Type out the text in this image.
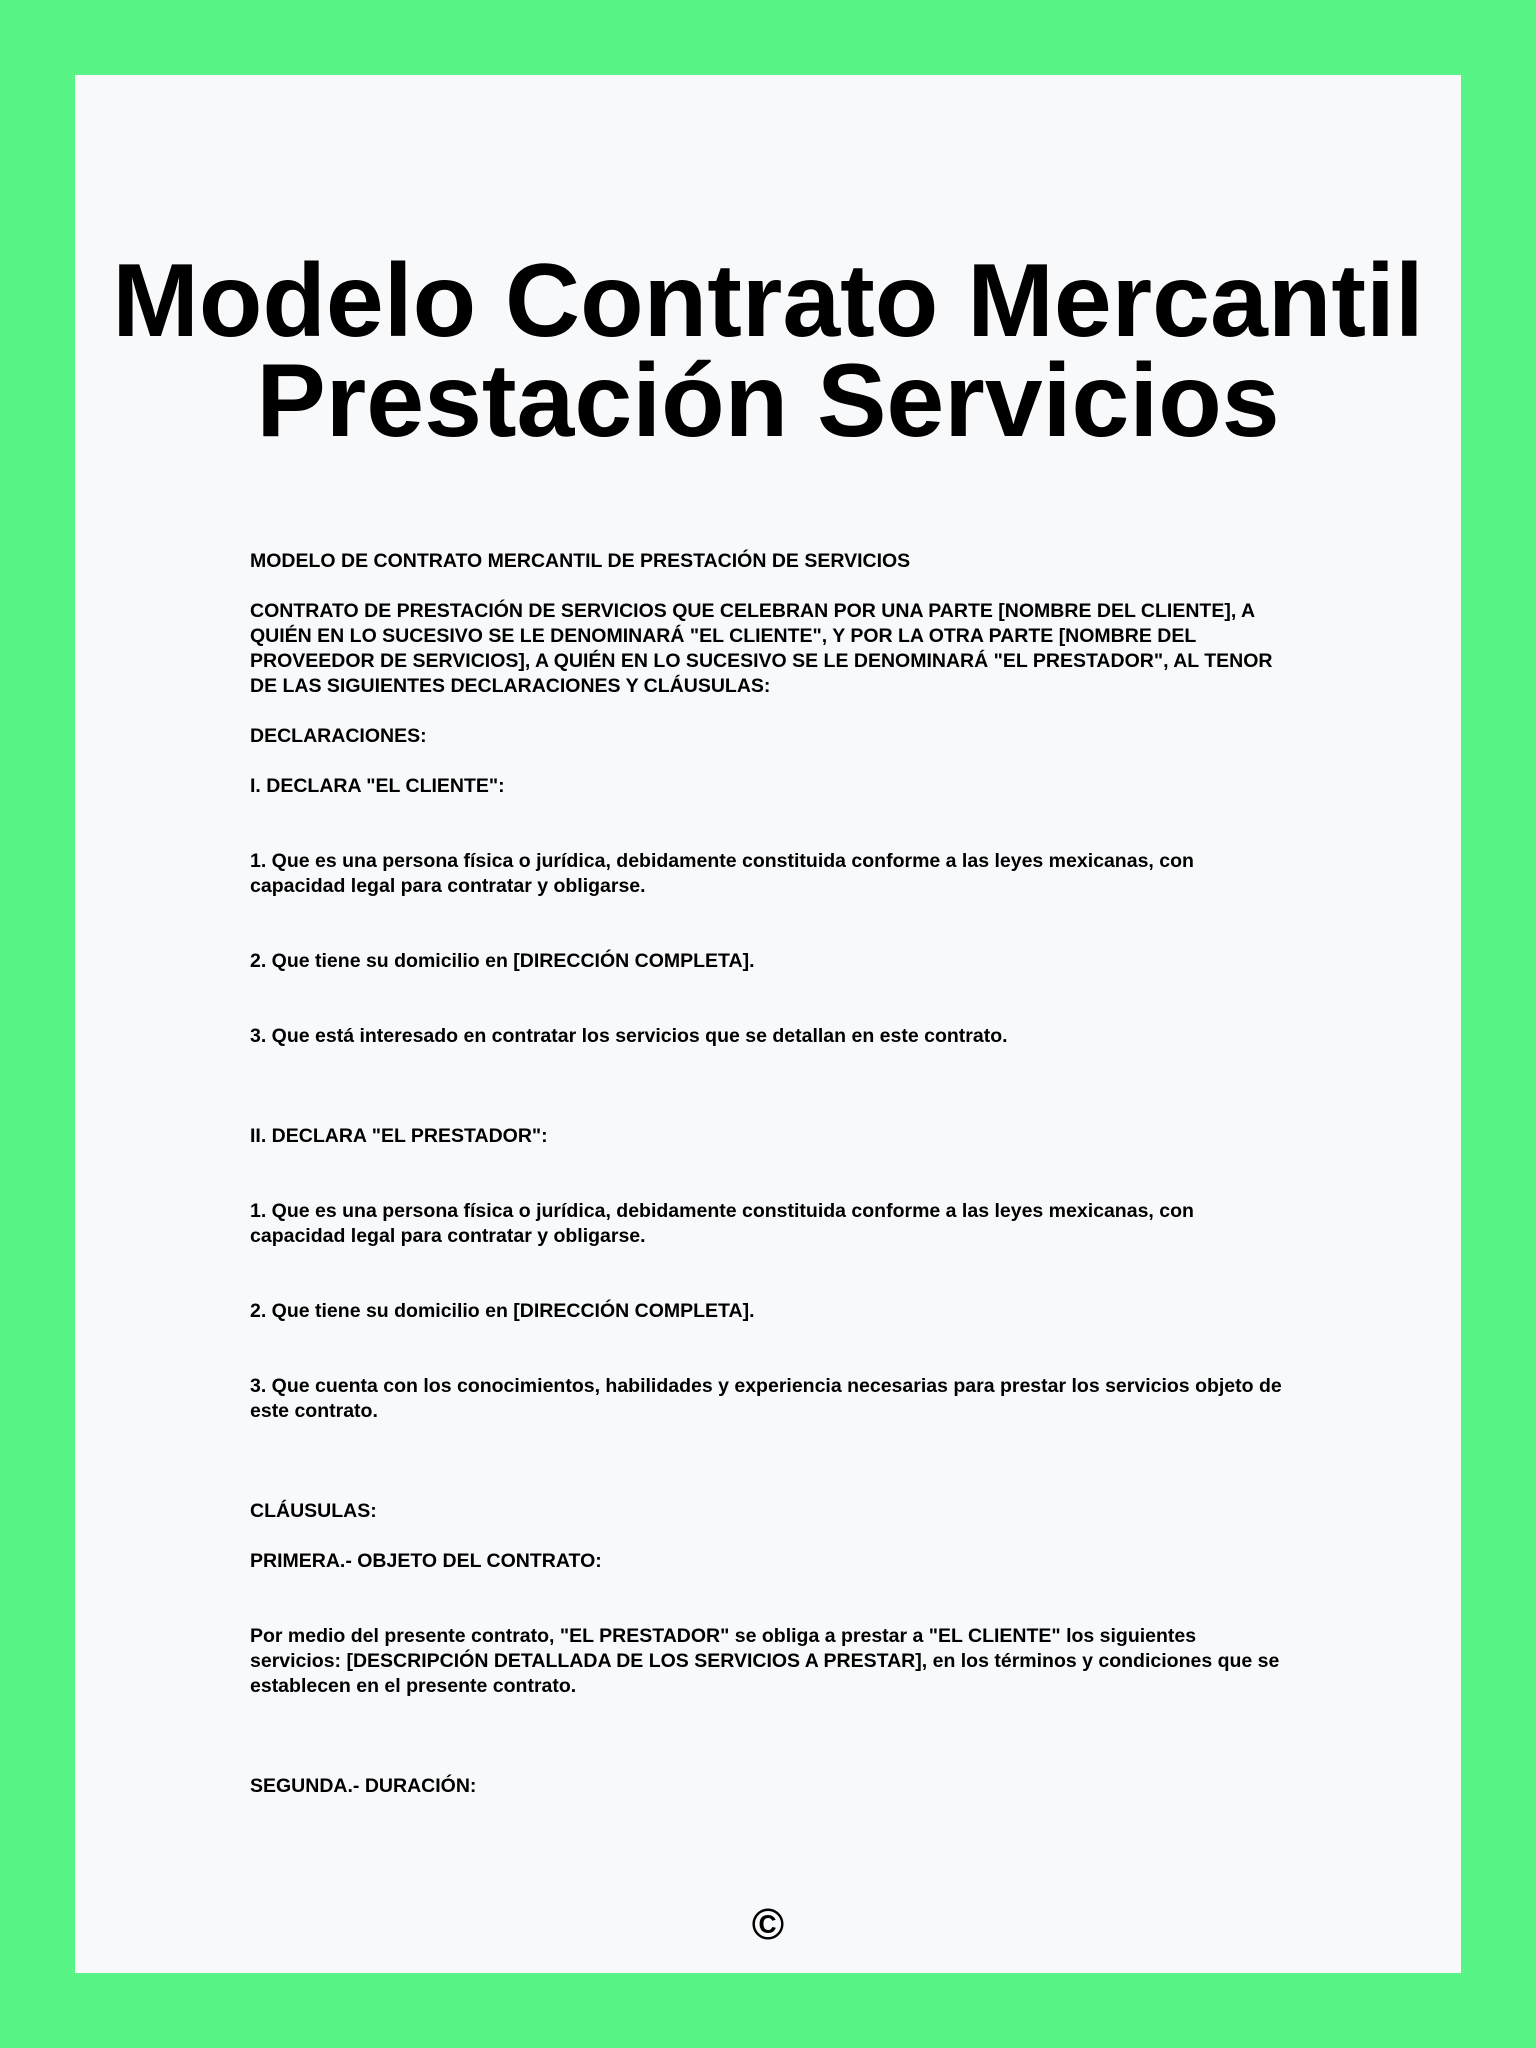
Modelo Contrato Mercantil
Prestación Servicios

MODELO DE CONTRATO MERCANTIL DE PRESTACIÓN DE SERVICIOS

CONTRATO DE PRESTACIÓN DE SERVICIOS QUE CELEBRAN POR UNA PARTE [NOMBRE DEL CLIENTE], A QUIÉN EN LO SUCESIVO SE LE DENOMINARÁ "EL CLIENTE", Y POR LA OTRA PARTE [NOMBRE DEL PROVEEDOR DE SERVICIOS], A QUIÉN EN LO SUCESIVO SE LE DENOMINARÁ "EL PRESTADOR", AL TENOR DE LAS SIGUIENTES DECLARACIONES Y CLÁUSULAS:

DECLARACIONES:

I. DECLARA "EL CLIENTE":

1. Que es una persona física o jurídica, debidamente constituida conforme a las leyes mexicanas, con capacidad legal para contratar y obligarse.

2. Que tiene su domicilio en [DIRECCIÓN COMPLETA].

3. Que está interesado en contratar los servicios que se detallan en este contrato.

II. DECLARA "EL PRESTADOR":

1. Que es una persona física o jurídica, debidamente constituida conforme a las leyes mexicanas, con capacidad legal para contratar y obligarse.

2. Que tiene su domicilio en [DIRECCIÓN COMPLETA].

3. Que cuenta con los conocimientos, habilidades y experiencia necesarias para prestar los servicios objeto de este contrato.

CLÁUSULAS:

PRIMERA.- OBJETO DEL CONTRATO:

Por medio del presente contrato, "EL PRESTADOR" se obliga a prestar a "EL CLIENTE" los siguientes servicios: [DESCRIPCIÓN DETALLADA DE LOS SERVICIOS A PRESTAR], en los términos y condiciones que se establecen en el presente contrato.

SEGUNDA.- DURACIÓN:

©
